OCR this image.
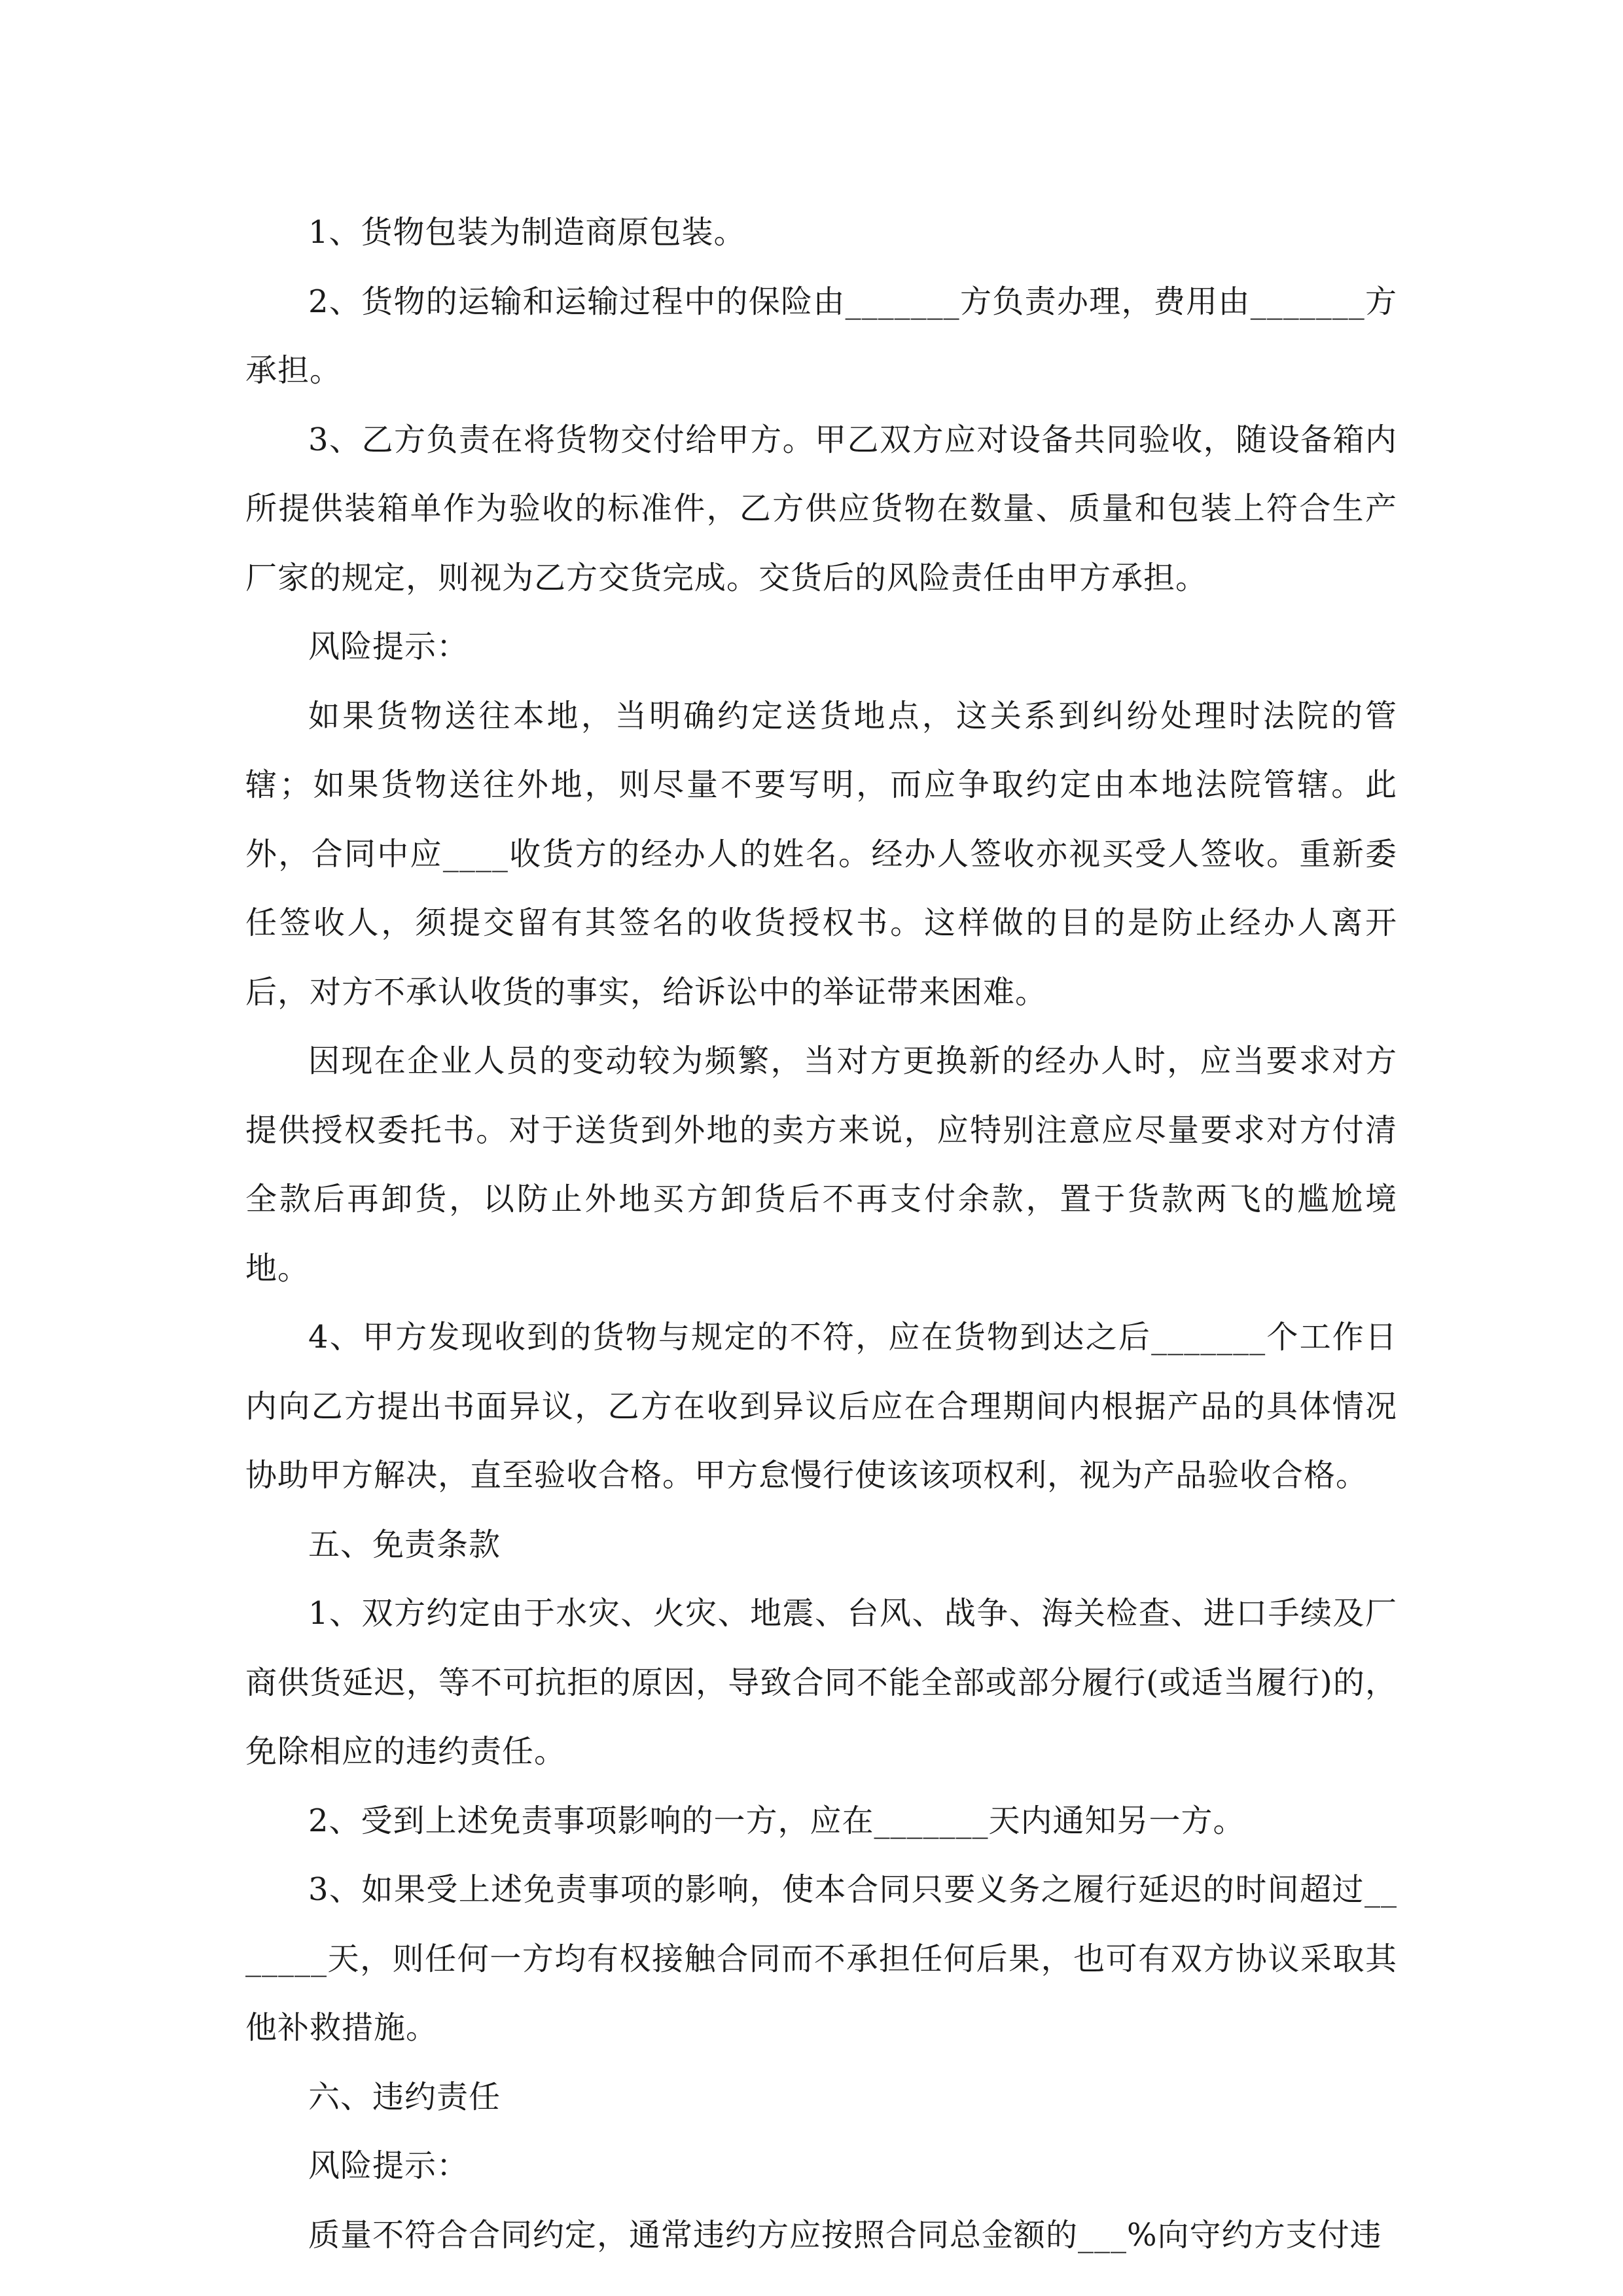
1、货物包装为制造商原包装。

2、货物的运输和运输过程中的保险由_______方负责办理，费用由_______方承担。

3、乙方负责在将货物交付给甲方。甲乙双方应对设备共同验收，随设备箱内所提供装箱单作为验收的标准件，乙方供应货物在数量、质量和包装上符合生产厂家的规定，则视为乙方交货完成。交货后的风险责任由甲方承担。

风险提示：

如果货物送往本地，当明确约定送货地点，这关系到纠纷处理时法院的管辖；如果货物送往外地，则尽量不要写明，而应争取约定由本地法院管辖。此外，合同中应____收货方的经办人的姓名。经办人签收亦视买受人签收。重新委任签收人，须提交留有其签名的收货授权书。这样做的目的是防止经办人离开后，对方不承认收货的事实，给诉讼中的举证带来困难。

因现在企业人员的变动较为频繁，当对方更换新的经办人时，应当要求对方提供授权委托书。对于送货到外地的卖方来说，应特别注意应尽量要求对方付清全款后再卸货，以防止外地买方卸货后不再支付余款，置于货款两飞的尴尬境地。

4、甲方发现收到的货物与规定的不符，应在货物到达之后_______个工作日内向乙方提出书面异议，乙方在收到异议后应在合理期间内根据产品的具体情况协助甲方解决，直至验收合格。甲方怠慢行使该该项权利，视为产品验收合格。

五、免责条款

1、双方约定由于水灾、火灾、地震、台风、战争、海关检查、进口手续及厂商供货延迟，等不可抗拒的原因，导致合同不能全部或部分履行(或适当履行)的，免除相应的违约责任。

2、受到上述免责事项影响的一方，应在_______天内通知另一方。

3、如果受上述免责事项的影响，使本合同只要义务之履行延迟的时间超过_______天，则任何一方均有权接触合同而不承担任何后果，也可有双方协议采取其他补救措施。

六、违约责任

风险提示：

质量不符合合同约定，通常违约方应按照合同总金额的___%向守约方支付违
